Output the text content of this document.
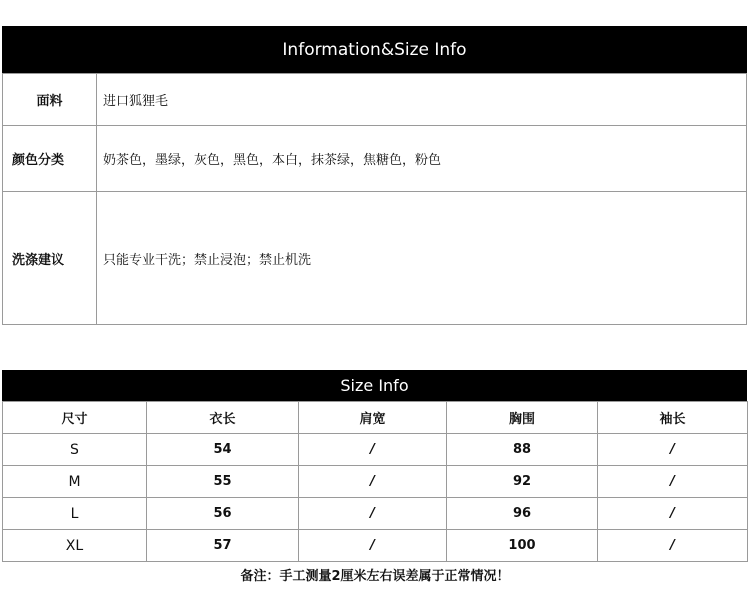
Information&Size Info
面料	进口狐狸毛
颜色分类	奶茶色，墨绿，灰色，黑色，本白，抹茶绿，焦糖色，粉色
洗涤建议	只能专业干洗；禁止浸泡；禁止机洗
Size Info
尺寸	衣长	肩宽	胸围	袖长
S	54	/	88	/
M	55	/	92	/
L	56	/	96	/
XL	57	/	100	/
备注：手工测量2厘米左右误差属于正常情况！
